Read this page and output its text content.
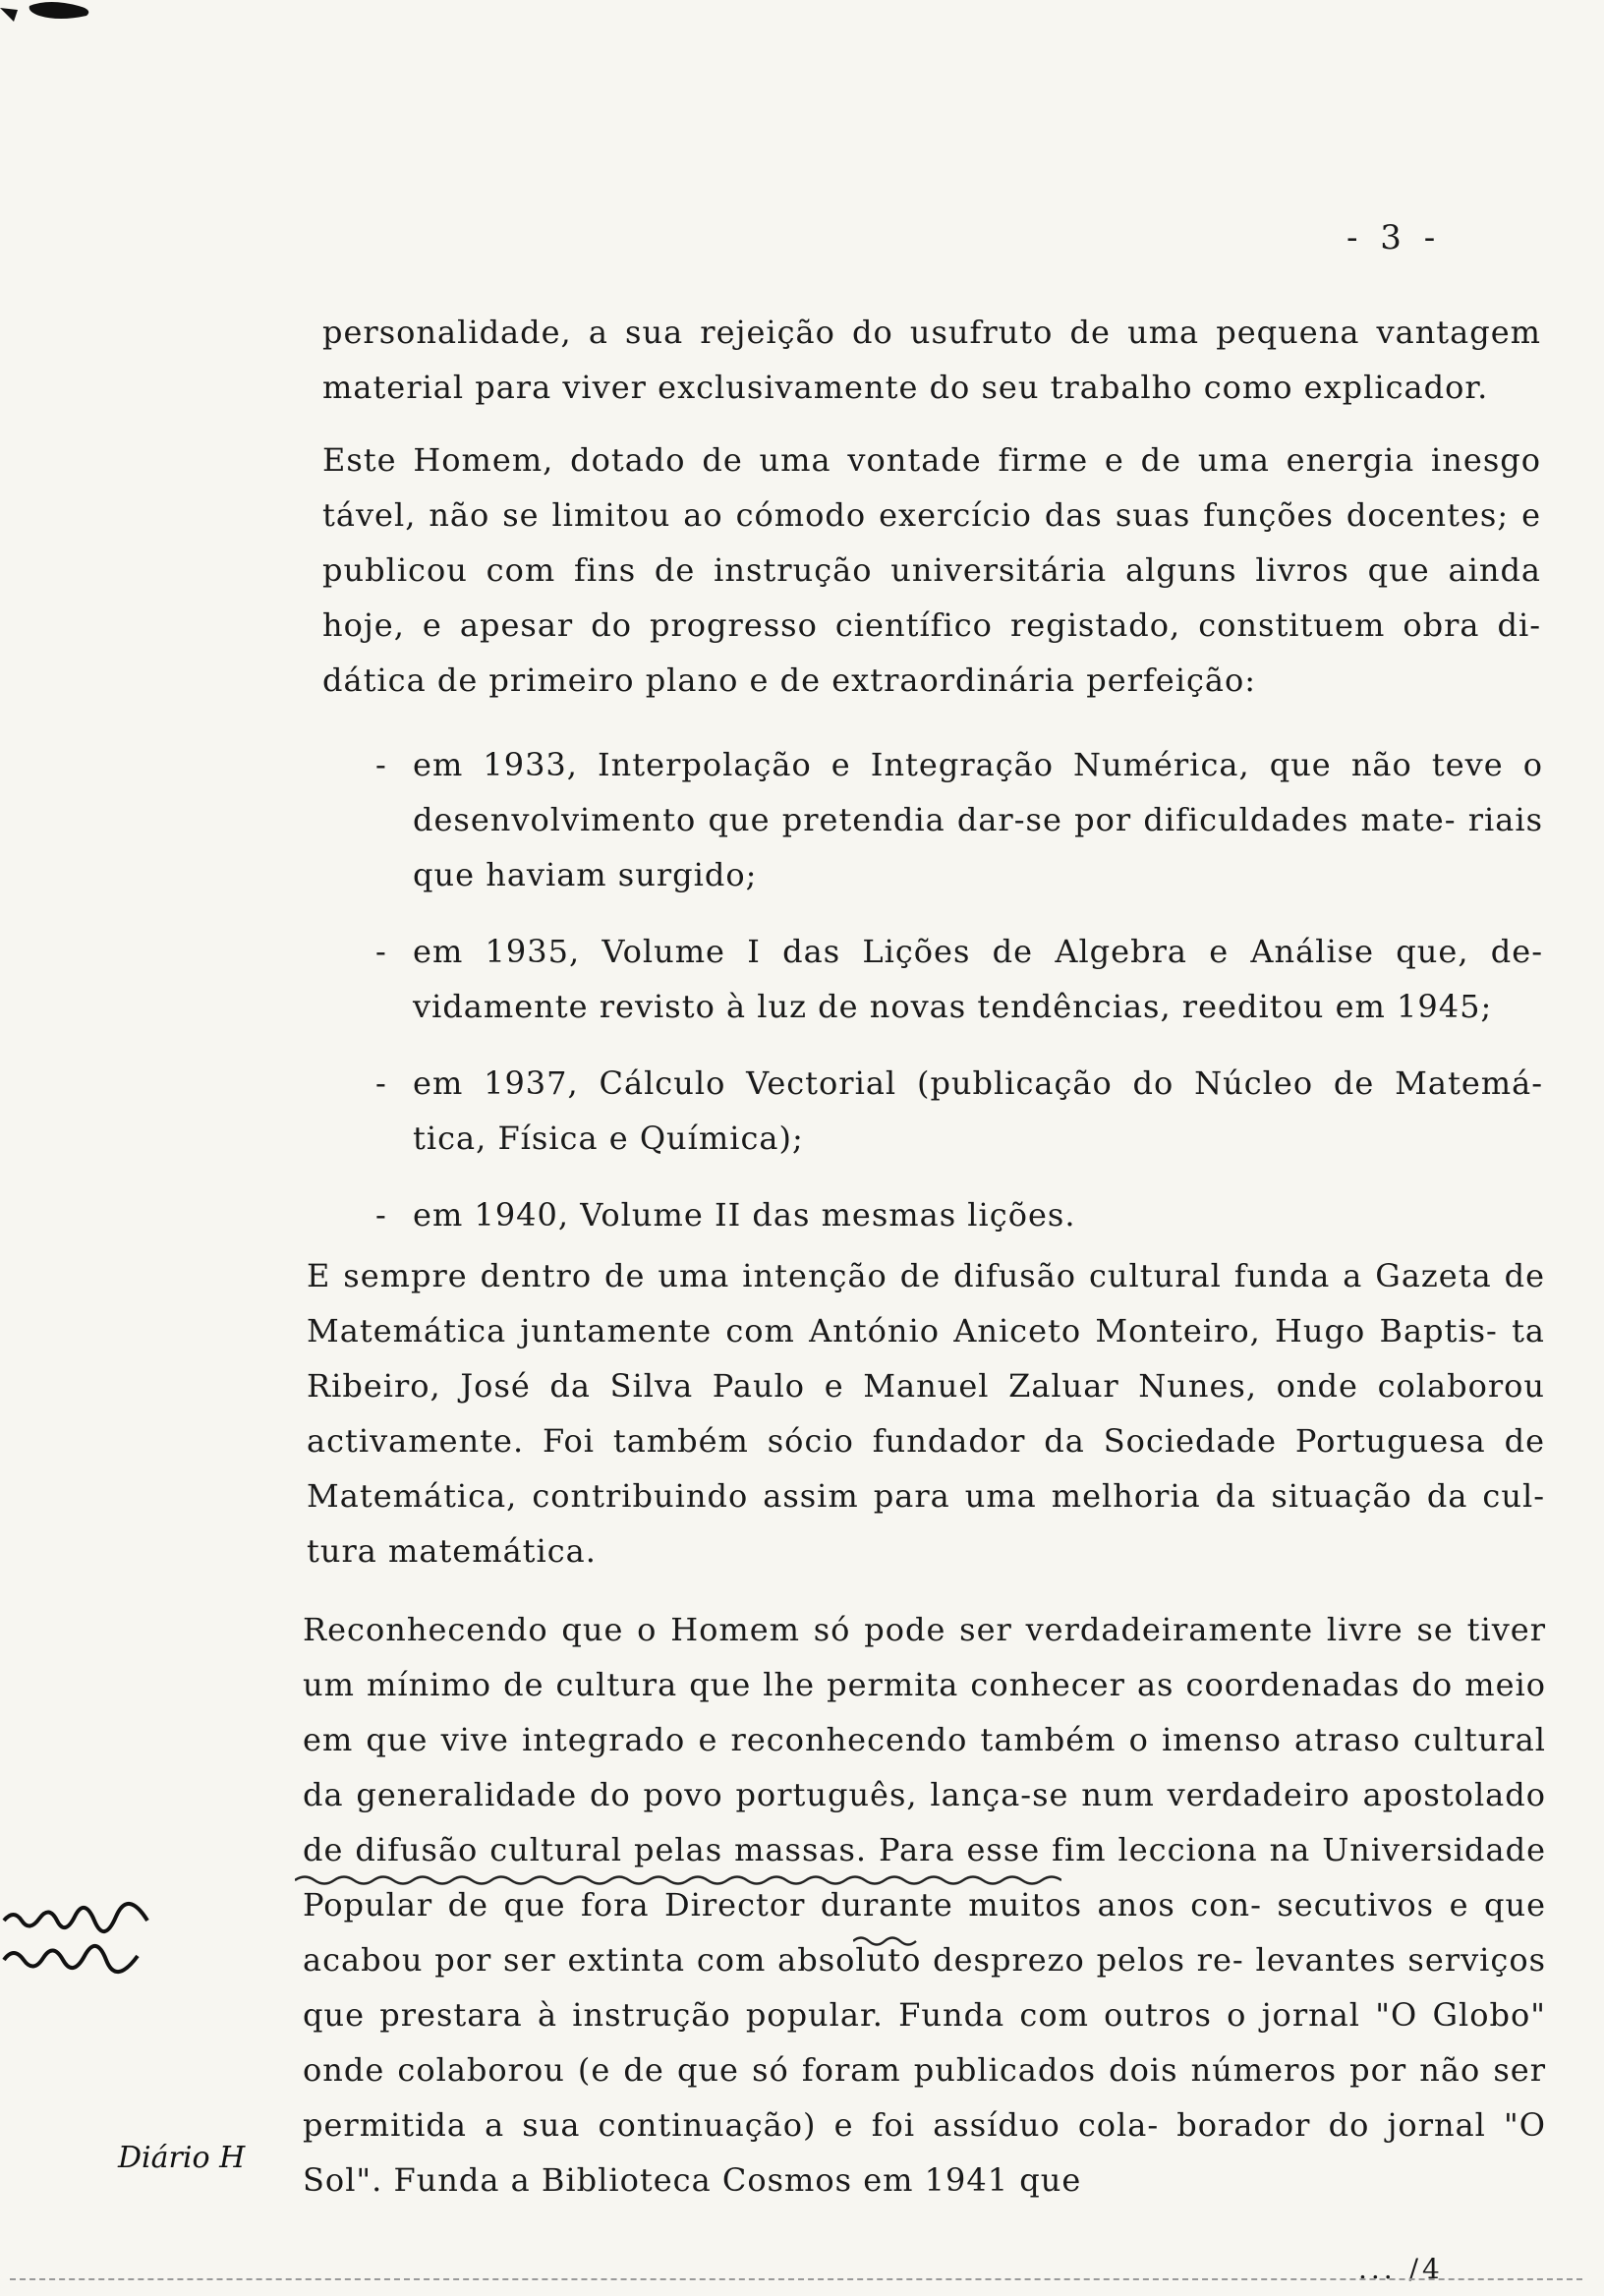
- 3 -

personalidade, a sua rejeição do usufruto de uma pequena vantagem material para viver exclusivamente do seu trabalho como explicador.

Este Homem, dotado de uma vontade firme e de uma energia inesgo tável, não se limitou ao cómodo exercício das suas funções docentes; e publicou com fins de instrução universitária alguns livros que ainda hoje, e apesar do progresso científico registado, constituem obra di- dática de primeiro plano e de extraordinária perfeição:

- em 1933, Interpolação e Integração Numérica, que não teve o desenvolvimento que pretendia dar-se por dificuldades mate- riais que haviam surgido;
- em 1935, Volume I das Lições de Algebra e Análise que, de- vidamente revisto à luz de novas tendências, reeditou em 1945;
- em 1937, Cálculo Vectorial (publicação do Núcleo de Matemá- tica, Física e Química);
- em 1940, Volume II das mesmas lições.

E sempre dentro de uma intenção de difusão cultural funda a Gazeta de Matemática juntamente com António Aniceto Monteiro, Hugo Baptis- ta Ribeiro, José da Silva Paulo e Manuel Zaluar Nunes, onde colaborou activamente. Foi também sócio fundador da Sociedade Portuguesa de Matemática, contribuindo assim para uma melhoria da situação da cul- tura matemática.

Reconhecendo que o Homem só pode ser verdadeiramente livre se tiver um mínimo de cultura que lhe permita conhecer as coordenadas do meio em que vive integrado e reconhecendo também o imenso atraso cultural da generalidade do povo português, lança-se num verdadeiro apostolado de difusão cultural pelas massas. Para esse fim lecciona na Universidade Popular de que fora Director durante muitos anos con- secutivos e que acabou por ser extinta com absoluto desprezo pelos re- levantes serviços que prestara à instrução popular. Funda com outros o jornal "O Globo" onde colaborou (e de que só foram publicados dois números por não ser permitida a sua continuação) e foi assíduo cola- borador do jornal "O Sol". Funda a Biblioteca Cosmos em 1941 que

Diário H
... /4
